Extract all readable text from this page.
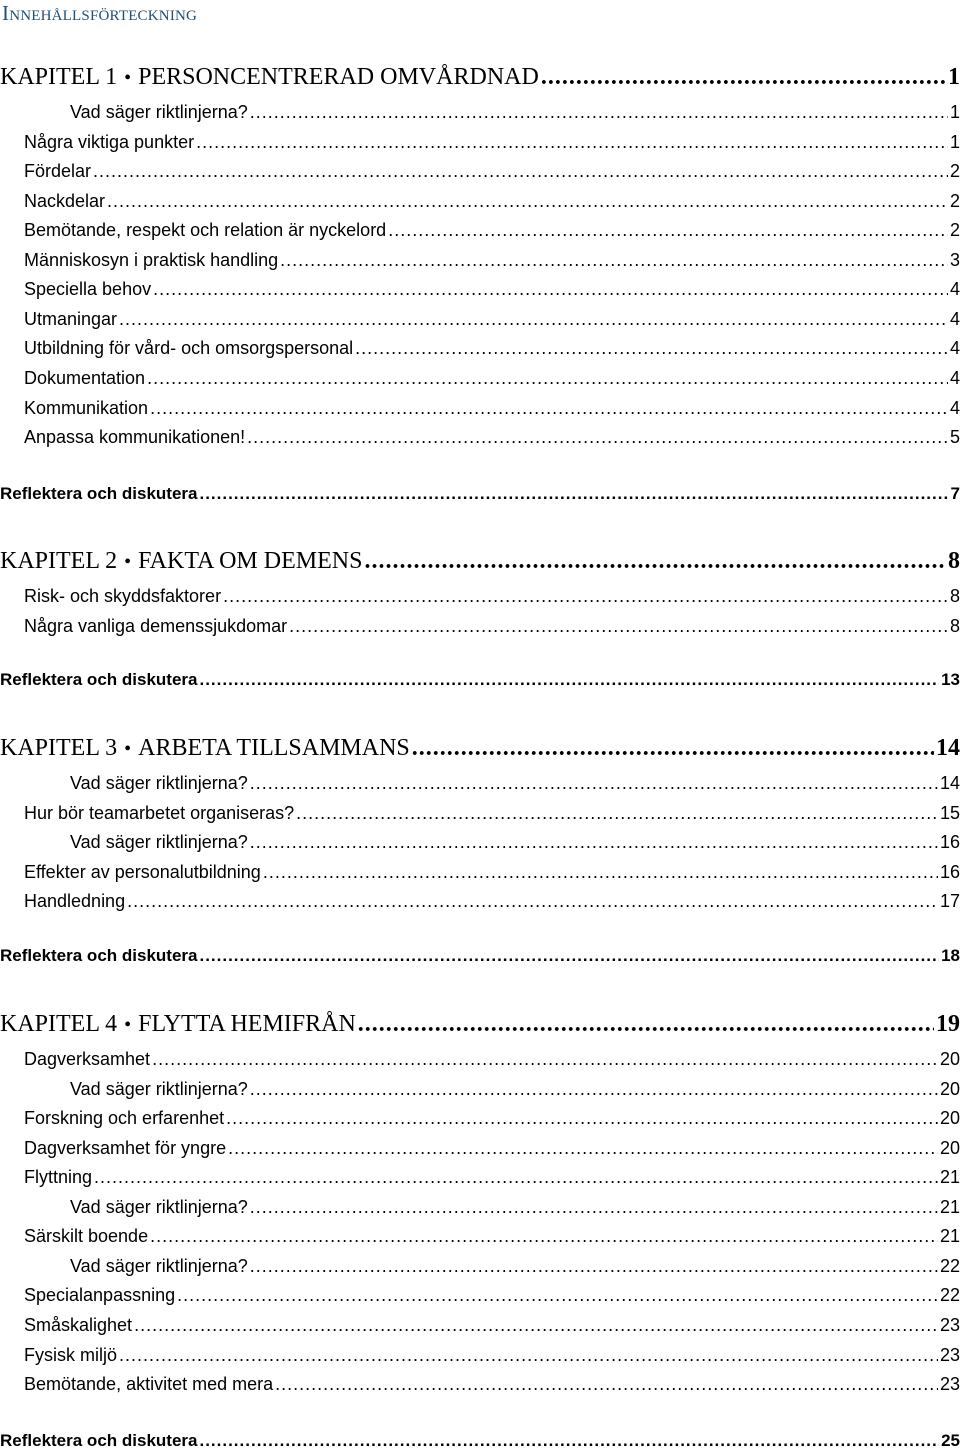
Innehållsförteckning
KAPITEL 1 • PERSONCENTRERAD OMVÅRDNAD .....	1
Vad säger riktlinjerna? .....	1
Några viktiga punkter .....	1
Fördelar .....	2
Nackdelar .....	2
Bemötande, respekt och relation är nyckelord .....	2
Människosyn i praktisk handling .....	3
Speciella behov .....	4
Utmaningar .....	4
Utbildning för vård- och omsorgspersonal .....	4
Dokumentation .....	4
Kommunikation .....	4
Anpassa kommunikationen! .....	5
Reflektera och diskutera .....	7
KAPITEL 2 • FAKTA OM DEMENS .....	8
Risk- och skyddsfaktorer .....	8
Några vanliga demenssjukdomar .....	8
Reflektera och diskutera .....	13
KAPITEL 3 • ARBETA TILLSAMMANS .....	14
Vad säger riktlinjerna? .....	14
Hur bör teamarbetet organiseras? .....	15
Vad säger riktlinjerna? .....	16
Effekter av personalutbildning .....	16
Handledning .....	17
Reflektera och diskutera .....	18
KAPITEL 4 • FLYTTA HEMIFRÅN .....	19
Dagverksamhet .....	20
Vad säger riktlinjerna? .....	20
Forskning och erfarenhet .....	20
Dagverksamhet för yngre .....	20
Flyttning .....	21
Vad säger riktlinjerna? .....	21
Särskilt boende .....	21
Vad säger riktlinjerna? .....	22
Specialanpassning .....	22
Småskalighet .....	23
Fysisk miljö .....	23
Bemötande, aktivitet med mera .....	23
Reflektera och diskutera .....	25
